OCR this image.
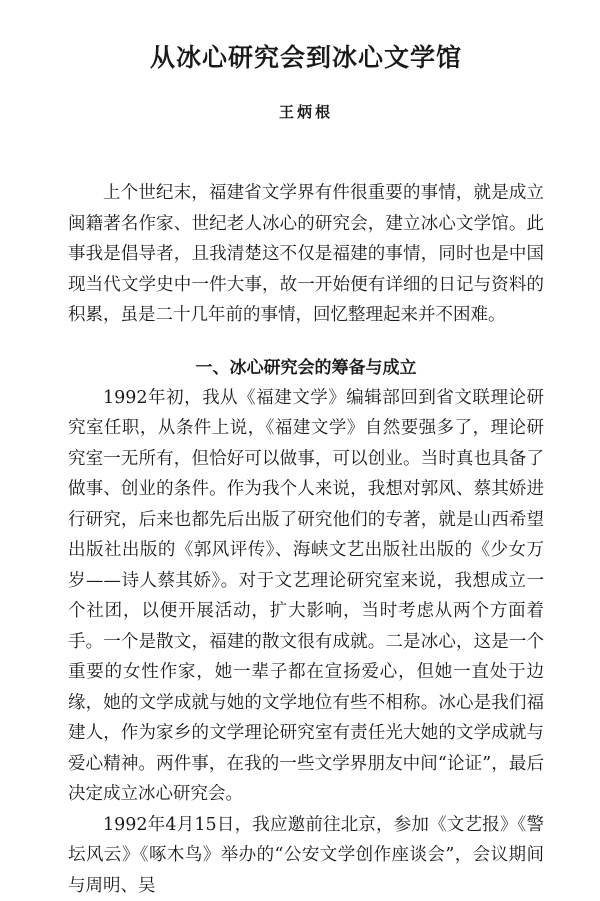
从冰心研究会到冰心文学馆
王炳根

上个世纪末，福建省文学界有件很重要的事情，就是成立闽籍著名作家、世纪老人冰心的研究会，建立冰心文学馆。此事我是倡导者，且我清楚这不仅是福建的事情，同时也是中国现当代文学史中一件大事，故一开始便有详细的日记与资料的积累，虽是二十几年前的事情，回忆整理起来并不困难。

一、冰心研究会的筹备与成立

1992年初，我从《福建文学》编辑部回到省文联理论研究室任职，从条件上说，《福建文学》自然要强多了，理论研究室一无所有，但恰好可以做事，可以创业。当时真也具备了做事、创业的条件。作为我个人来说，我想对郭风、蔡其娇进行研究，后来也都先后出版了研究他们的专著，就是山西希望出版社出版的《郭风评传》、海峡文艺出版社出版的《少女万岁——诗人蔡其娇》。对于文艺理论研究室来说，我想成立一个社团，以便开展活动，扩大影响，当时考虑从两个方面着手。一个是散文，福建的散文很有成就。二是冰心，这是一个重要的女性作家，她一辈子都在宣扬爱心，但她一直处于边缘，她的文学成就与她的文学地位有些不相称。冰心是我们福建人，作为家乡的文学理论研究室有责任光大她的文学成就与爱心精神。两件事，在我的一些文学界朋友中间“论证”，最后决定成立冰心研究会。

1992年4月15日，我应邀前往北京，参加《文艺报》《警坛风云》《啄木鸟》举办的“公安文学创作座谈会”，会议期间与周明、吴
